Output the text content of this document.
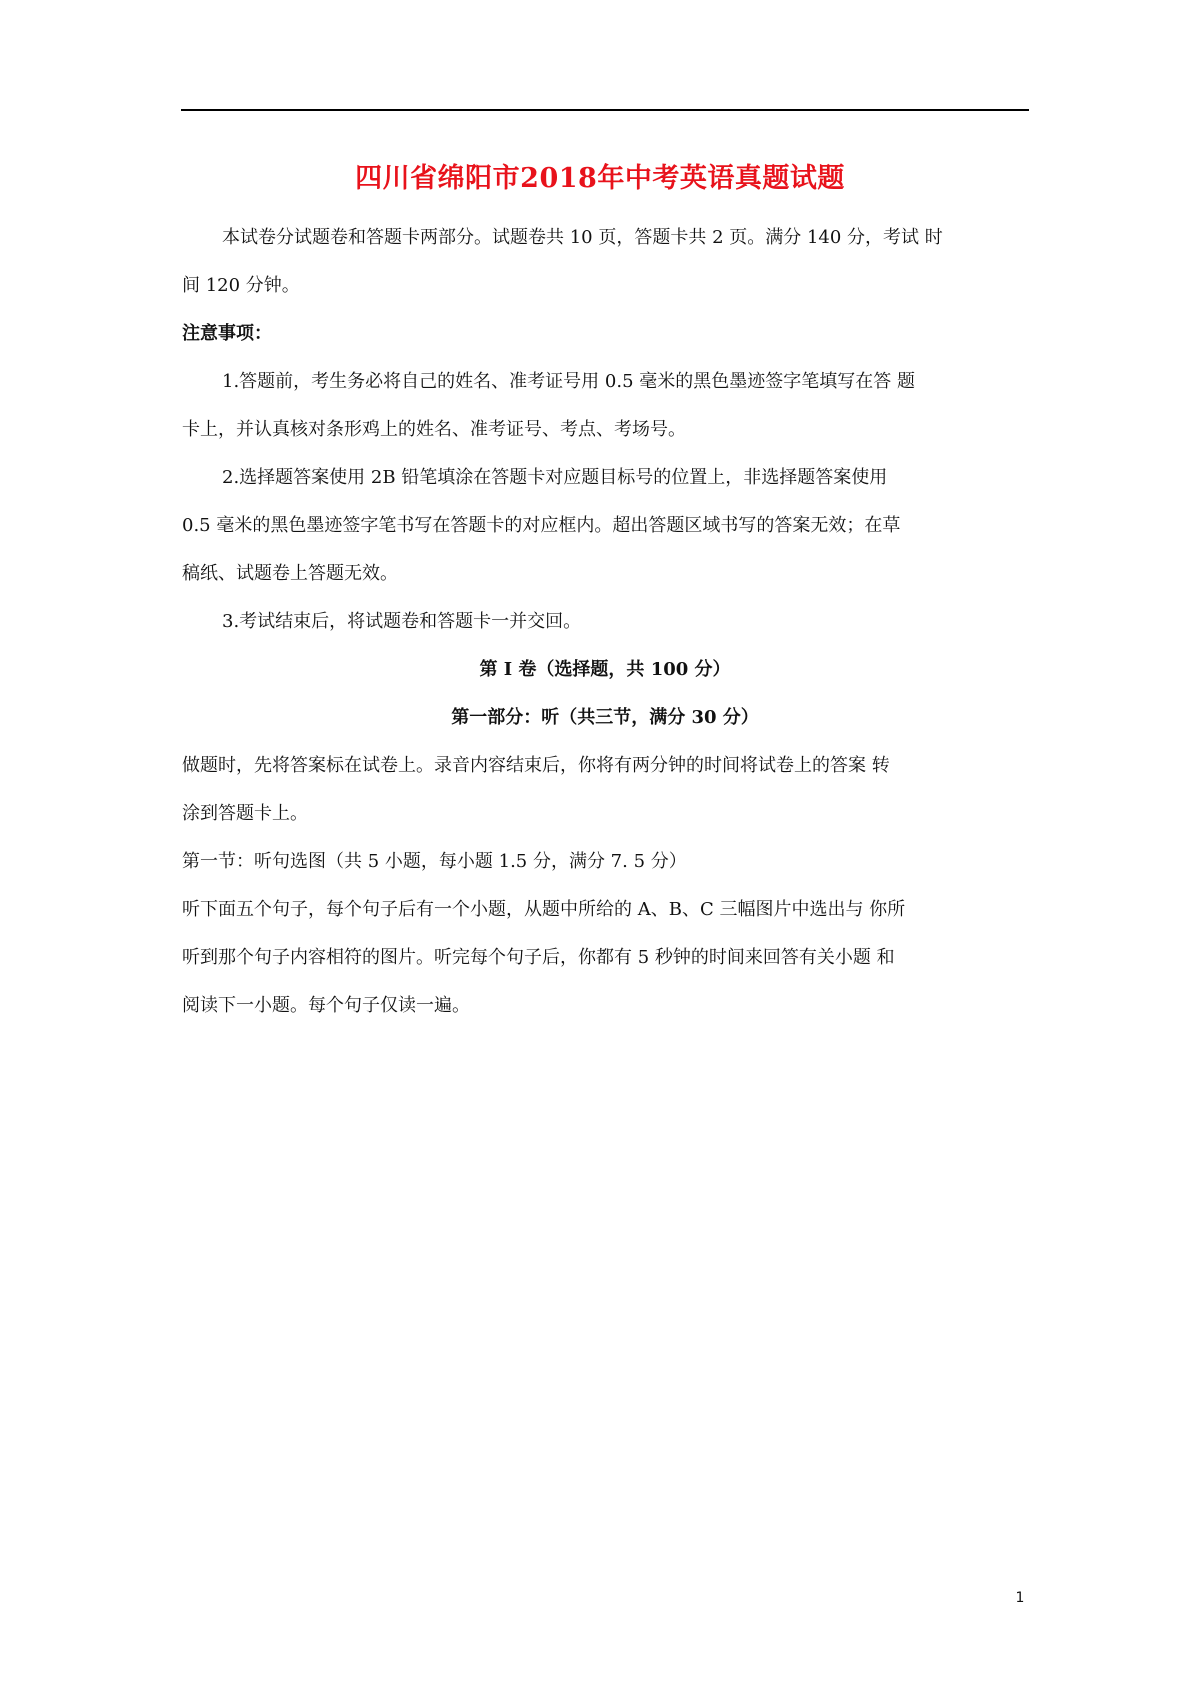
四川省绵阳市2018年中考英语真题试题

本试卷分试题卷和答题卡两部分。试题卷共 10 页，答题卡共 2 页。满分 140 分，考试 时

间 120 分钟。

注意事项：

1.答题前，考生务必将自己的姓名、准考证号用 0.5 毫米的黑色墨迹签字笔填写在答 题

卡上，并认真核对条形鸡上的姓名、准考证号、考点、考场号。

2.选择题答案使用 2B 铅笔填涂在答题卡对应题目标号的位置上，非选择题答案使用

0.5 毫米的黑色墨迹签字笔书写在答题卡的对应框内。超出答题区域书写的答案无效；在草

稿纸、试题卷上答题无效。

3.考试结束后，将试题卷和答题卡一并交回。

第 I 卷（选择题，共 100 分）

第一部分：听（共三节，满分 30 分）

做题时，先将答案标在试卷上。录音内容结束后，你将有两分钟的时间将试卷上的答案 转

涂到答题卡上。

第一节：听句选图（共 5 小题，每小题 1.5 分，满分 7. 5 分）

听下面五个句子，每个句子后有一个小题，从题中所给的 A、B、C 三幅图片中选出与 你所

听到那个句子内容相符的图片。听完每个句子后，你都有 5 秒钟的时间来回答有关小题 和

阅读下一小题。每个句子仅读一遍。

1
